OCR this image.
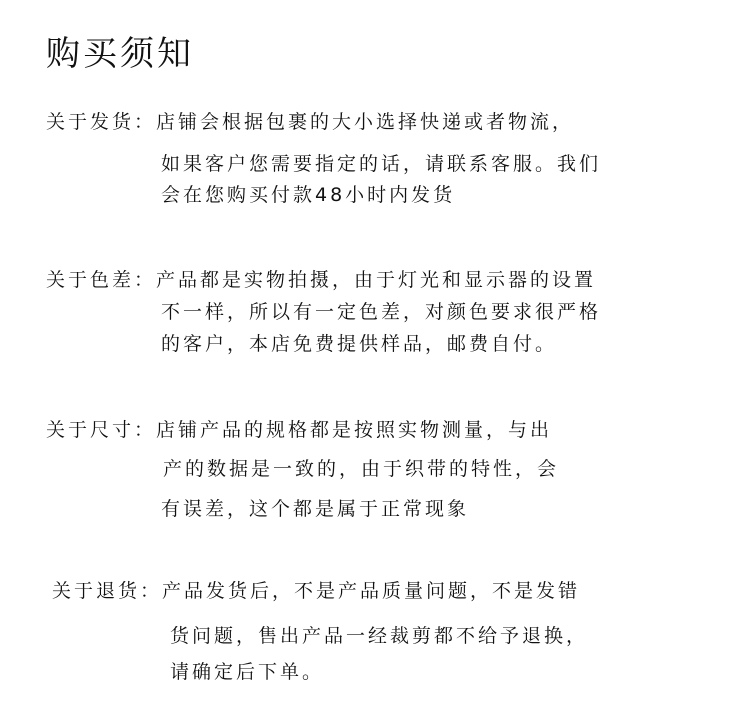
购买须知
关于发货：店铺会根据包裹的大小选择快递或者物流，
如果客户您需要指定的话，请联系客服。我们
会在您购买付款48小时内发货
关于色差：产品都是实物拍摄，由于灯光和显示器的设置
不一样，所以有一定色差，对颜色要求很严格
的客户，本店免费提供样品，邮费自付。
关于尺寸：店铺产品的规格都是按照实物测量，与出
产的数据是一致的，由于织带的特性，会
有误差，这个都是属于正常现象
关于退货：产品发货后，不是产品质量问题，不是发错
货问题，售出产品一经裁剪都不给予退换，
请确定后下单。
